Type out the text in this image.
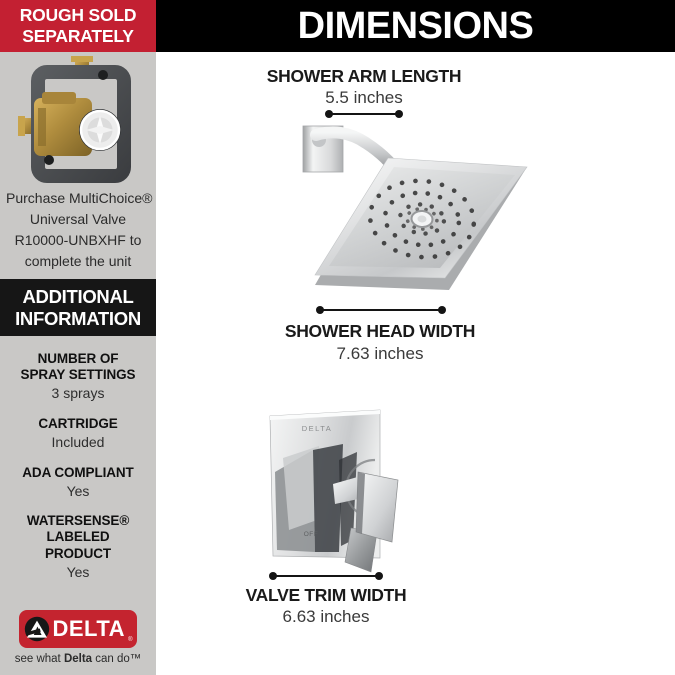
ROUGH SOLD SEPARATELY
Purchase MultiChoice®
Universal Valve
R10000-UNBXHF to
complete the unit
ADDITIONAL INFORMATION
NUMBER OF SPRAY SETTINGS
3 sprays
CARTRIDGE
Included
ADA COMPLIANT
Yes
WATERSENSE® LABELED PRODUCT
Yes
DELTA ®
see what Delta can do™
DIMENSIONS
SHOWER ARM LENGTH
5.5 inches
SHOWER HEAD WIDTH
7.63 inches
DELTA
OFF
VALVE TRIM WIDTH
6.63 inches
